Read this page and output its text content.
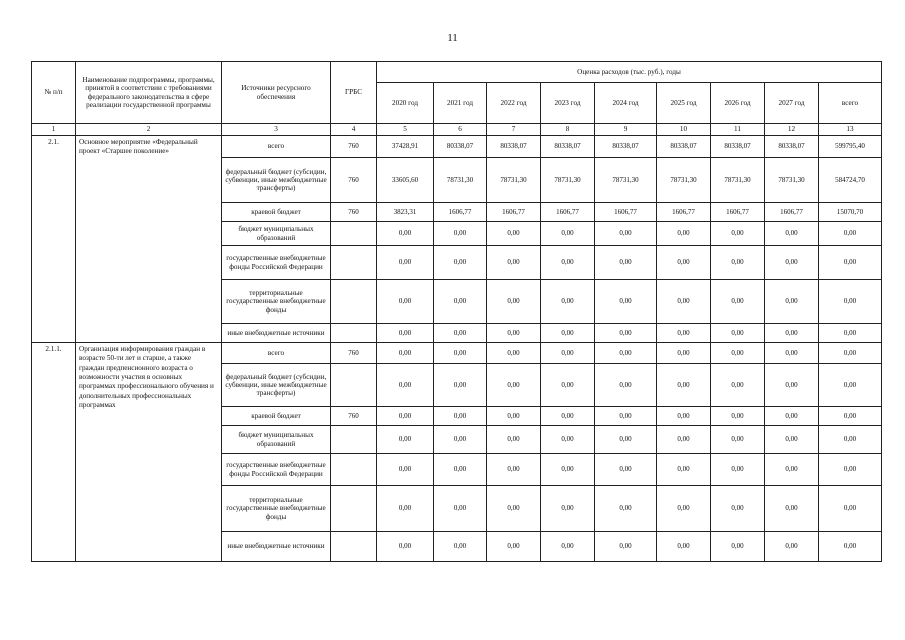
11
№ п/п	Наименование подпрограммы, программы, принятой в соответствии с требованиями федерального законодательства в сфере реализации государственной программы	Источники ресурсного обеспечения	ГРБС	Оценка расходов (тыс. руб.), годы								
				2020 год	2021 год	2022 год	2023 год	2024 год	2025 год	2026 год	2027 год	всего
1	2	3	4	5	6	7	8	9	10	11	12	13
2.1.	Основное мероприятие «Федеральный проект «Старшее поколение»	всего	760	37428,91	80338,07	80338,07	80338,07	80338,07	80338,07	80338,07	80338,07	599795,40
		федеральный бюджет (субсидии, субвенции, иные межбюджетные трансферты)	760	33605,60	78731,30	78731,30	78731,30	78731,30	78731,30	78731,30	78731,30	584724,70
		краевой бюджет	760	3823,31	1606,77	1606,77	1606,77	1606,77	1606,77	1606,77	1606,77	15070,70
		бюджет муниципальных образований		0,00	0,00	0,00	0,00	0,00	0,00	0,00	0,00	0,00
		государственные внебюджетные фонды Российской Федерации		0,00	0,00	0,00	0,00	0,00	0,00	0,00	0,00	0,00
		территориальные государственные внебюджетные фонды		0,00	0,00	0,00	0,00	0,00	0,00	0,00	0,00	0,00
		иные внебюджетные источники		0,00	0,00	0,00	0,00	0,00	0,00	0,00	0,00	0,00
2.1.1.	Организация информирования граждан в возрасте 50-ти лет и старше, а также граждан предпенсионного возраста о возможности участия в основных программах профессионального обучения и дополнительных профессиональных программах	всего	760	0,00	0,00	0,00	0,00	0,00	0,00	0,00	0,00	0,00
		федеральный бюджет (субсидии, субвенции, иные межбюджетные трансферты)		0,00	0,00	0,00	0,00	0,00	0,00	0,00	0,00	0,00
		краевой бюджет	760	0,00	0,00	0,00	0,00	0,00	0,00	0,00	0,00	0,00
		бюджет муниципальных образований		0,00	0,00	0,00	0,00	0,00	0,00	0,00	0,00	0,00
		государственные внебюджетные фонды Российской Федерации		0,00	0,00	0,00	0,00	0,00	0,00	0,00	0,00	0,00
		территориальные государственные внебюджетные фонды		0,00	0,00	0,00	0,00	0,00	0,00	0,00	0,00	0,00
		иные внебюджетные источники		0,00	0,00	0,00	0,00	0,00	0,00	0,00	0,00	0,00
